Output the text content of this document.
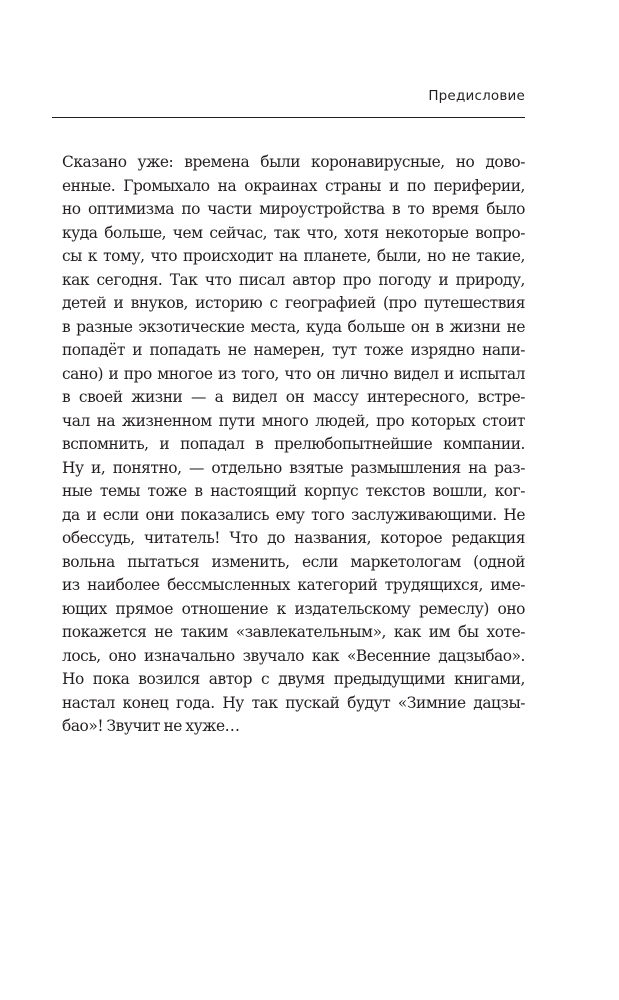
Предисловие
Сказано уже: времена были коронавирусные, но дово-
енные. Громыхало на окраинах страны и по периферии,
но оптимизма по части мироустройства в то время было
куда больше, чем сейчас, так что, хотя некоторые вопро-
сы к тому, что происходит на планете, были, но не такие,
как сегодня. Так что писал автор про погоду и природу,
детей и внуков, историю с географией (про путешествия
в разные экзотические места, куда больше он в жизни не
попадёт и попадать не намерен, тут тоже изрядно напи-
сано) и про многое из того, что он лично видел и испытал
в своей жизни — а видел он массу интересного, встре-
чал на жизненном пути много людей, про которых стоит
вспомнить, и попадал в прелюбопытнейшие компании.
Ну и, понятно, — отдельно взятые размышления на раз-
ные темы тоже в настоящий корпус текстов вошли, ког-
да и если они показались ему того заслуживающими. Не
обессудь, читатель! Что до названия, которое редакция
вольна пытаться изменить, если маркетологам (одной
из наиболее бессмысленных категорий трудящихся, име-
ющих прямое отношение к издательскому ремеслу) оно
покажется не таким «завлекательным», как им бы хоте-
лось, оно изначально звучало как «Весенние дацзыбао».
Но пока возился автор с двумя предыдущими книгами,
настал конец года. Ну так пускай будут «Зимние дацзы-
бао»! Звучит не хуже…
